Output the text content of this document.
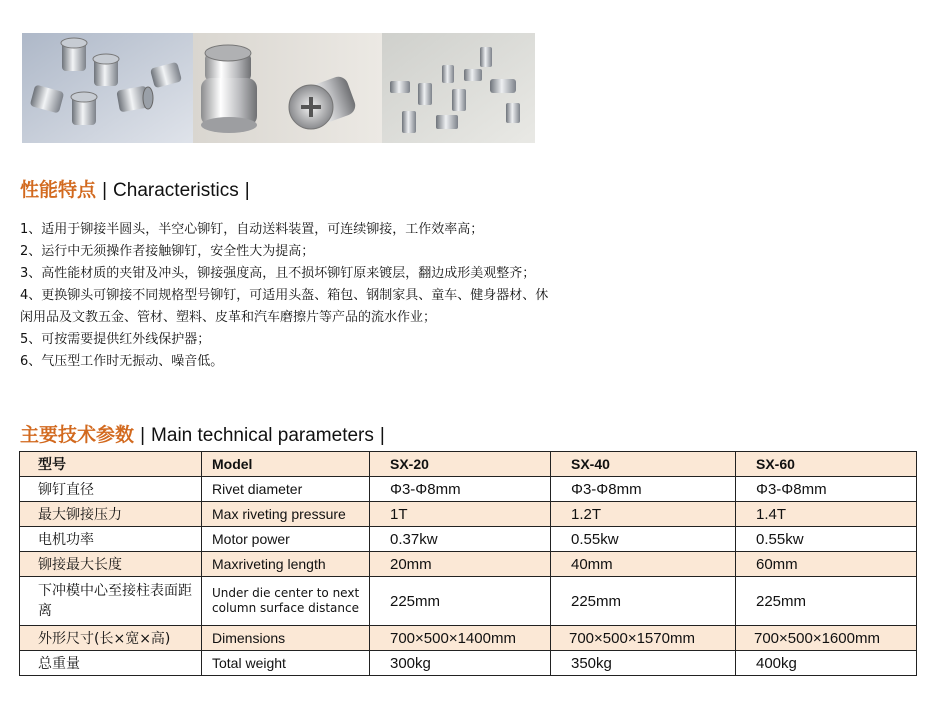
性能特点 | Characteristics |

1、适用于铆接半圆头，半空心铆钉，自动送料装置，可连续铆接，工作效率高；

2、运行中无须操作者接触铆钉，安全性大为提高；

3、高性能材质的夹钳及冲头，铆接强度高，且不损坏铆钉原来镀层，翻边成形美观整齐；

4、更换铆头可铆接不同规格型号铆钉，可适用头盔、箱包、钢制家具、童车、健身器材、休闲用品及文教五金、管材、塑料、皮革和汽车磨擦片等产品的流水作业；

5、可按需要提供红外线保护器；

6、气压型工作时无振动、噪音低。

主要技术参数 | Main technical parameters |
型号	Model	SX-20	SX-40	SX-60
铆钉直径	Rivet diameter	Φ3-Φ8mm	Φ3-Φ8mm	Φ3-Φ8mm
最大铆接压力	Max riveting pressure	1T	1.2T	1.4T
电机功率	Motor power	0.37kw	0.55kw	0.55kw
铆接最大长度	Maxriveting length	20mm	40mm	60mm
下冲模中心至接柱表面距离	Under die center to next column surface distance	225mm	225mm	225mm
外形尺寸(长×宽×高)	Dimensions	700×500×1400mm	700×500×1570mm	700×500×1600mm
总重量	Total weight	300kg	350kg	400kg
